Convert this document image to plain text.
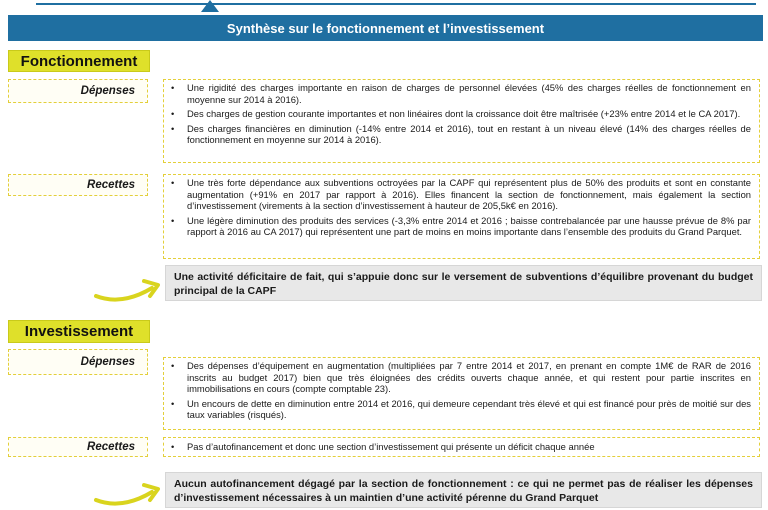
Synthèse sur le fonctionnement et l’investissement
Fonctionnement
Dépenses	• Une rigidité des charges importante en raison de charges de personnel élevées (45% des charges réelles de fonctionnement en moyenne sur 2014 à 2016).
• Des charges de gestion courante importantes et non linéaires dont la croissance doit être maîtrisée (+23% entre 2014 et le CA 2017).
• Des charges financières en diminution (-14% entre 2014 et 2016), tout en restant à un niveau élevé (14% des charges réelles de fonctionnement en moyenne sur 2014 à 2016).
Recettes	• Une très forte dépendance aux subventions octroyées par la CAPF qui représentent plus de 50% des produits et sont en constante augmentation (+91% en 2017 par rapport à 2016). Elles financent la section de fonctionnement, mais également la section d’investissement (virements à la section d’investissement à hauteur de 205,5k€ en 2016).
• Une légère diminution des produits des services (-3,3% entre 2014 et 2016 ; baisse contrebalancée par une hausse prévue de 8% par rapport à 2016 au CA 2017) qui représentent une part de moins en moins importante dans l’ensemble des produits du Grand Parquet.
Une activité déficitaire de fait, qui s’appuie donc sur le versement de subventions d’équilibre provenant du budget principal de la CAPF
Investissement
Dépenses	• Des dépenses d’équipement en augmentation (multipliées par 7 entre 2014 et 2017, en prenant en compte 1M€ de RAR de 2016 inscrits au budget 2017) bien que très éloignées des crédits ouverts chaque année, et qui restent pour partie inscrites en immobilisations en cours (compte comptable 23).
• Un encours de dette en diminution entre 2014 et 2016, qui demeure cependant très élevé et qui est financé pour près de moitié sur des taux variables (risqués).
Recettes	• Pas d’autofinancement et donc une section d’investissement qui présente un déficit chaque année
Aucun autofinancement dégagé par la section de fonctionnement : ce qui ne permet pas de réaliser les dépenses d’investissement nécessaires à un maintien d’une activité pérenne du Grand Parquet
